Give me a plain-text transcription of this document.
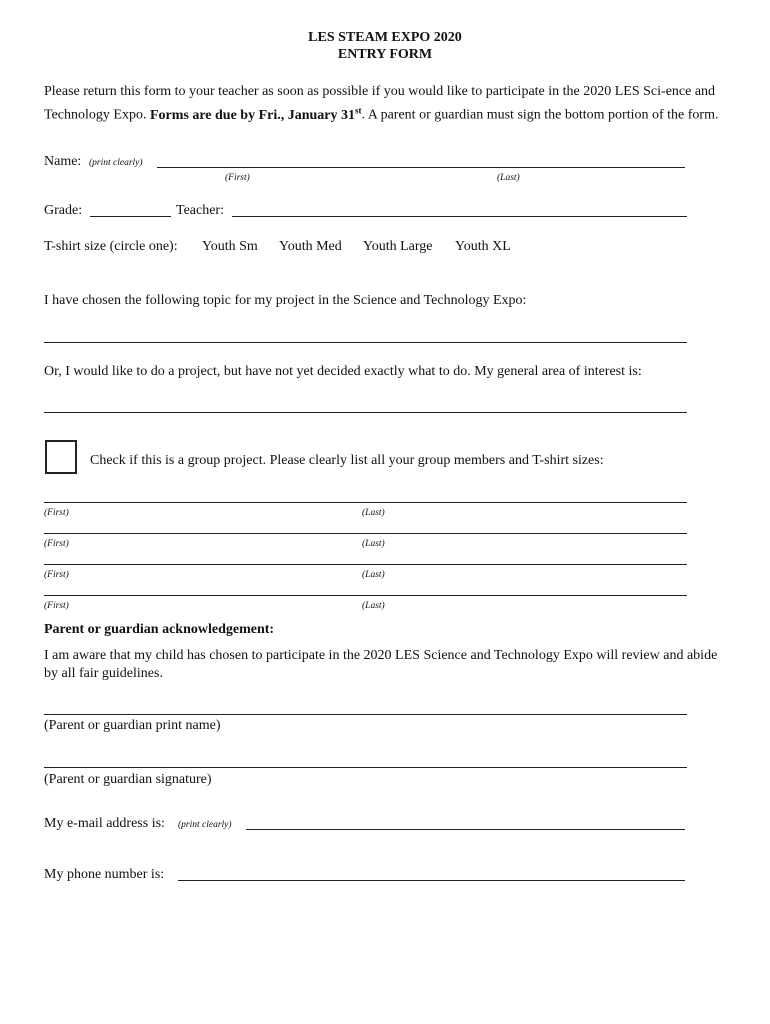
LES STEAM EXPO 2020
ENTRY FORM
Please return this form to your teacher as soon as possible if you would like to participate in the 2020 LES Sci-ence and Technology Expo. Forms are due by Fri., January 31st. A parent or guardian must sign the bottom portion of the form.
Name: (print clearly)
(First)	(Last)
Grade:	Teacher:
T-shirt size (circle one): Youth Sm Youth Med Youth Large Youth XL
I have chosen the following topic for my project in the Science and Technology Expo:
Or, I would like to do a project, but have not yet decided exactly what to do. My general area of interest is:
Check if this is a group project. Please clearly list all your group members and T-shirt sizes:
(First)	(Last)
(First)	(Last)
(First)	(Last)
(First)	(Last)
Parent or guardian acknowledgement:
I am aware that my child has chosen to participate in the 2020 LES Science and Technology Expo will review and abide by all fair guidelines.
(Parent or guardian print name)
(Parent or guardian signature)
My e-mail address is: (print clearly)
My phone number is:
